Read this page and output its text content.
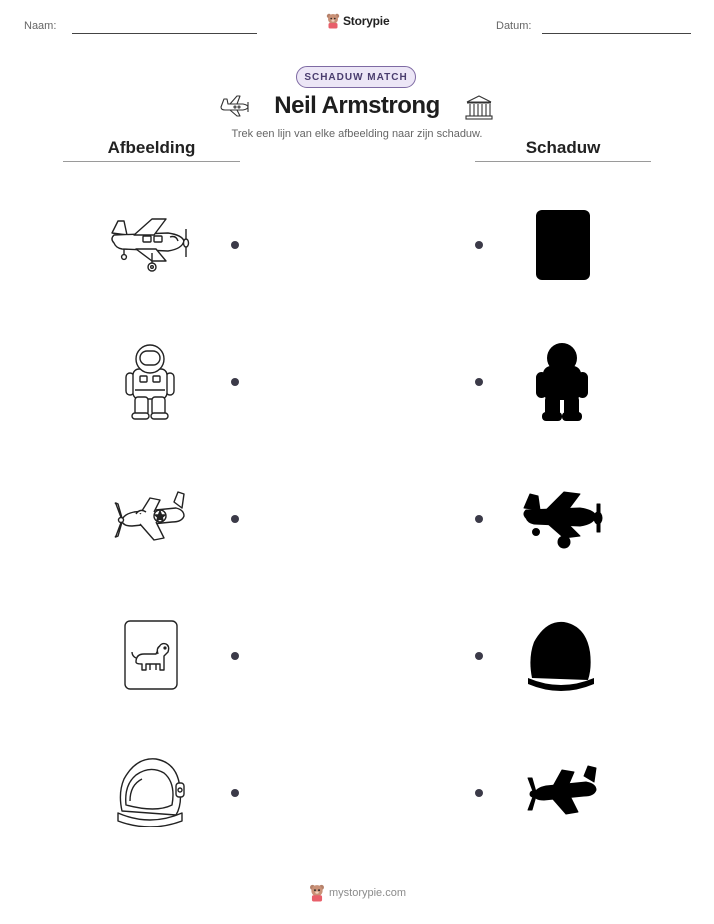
Naam:	Storypie	Datum:
SCHADUW MATCH
Neil Armstrong
Trek een lijn van elke afbeelding naar zijn schaduw.
Afbeelding	Schaduw
mystorypie.com
